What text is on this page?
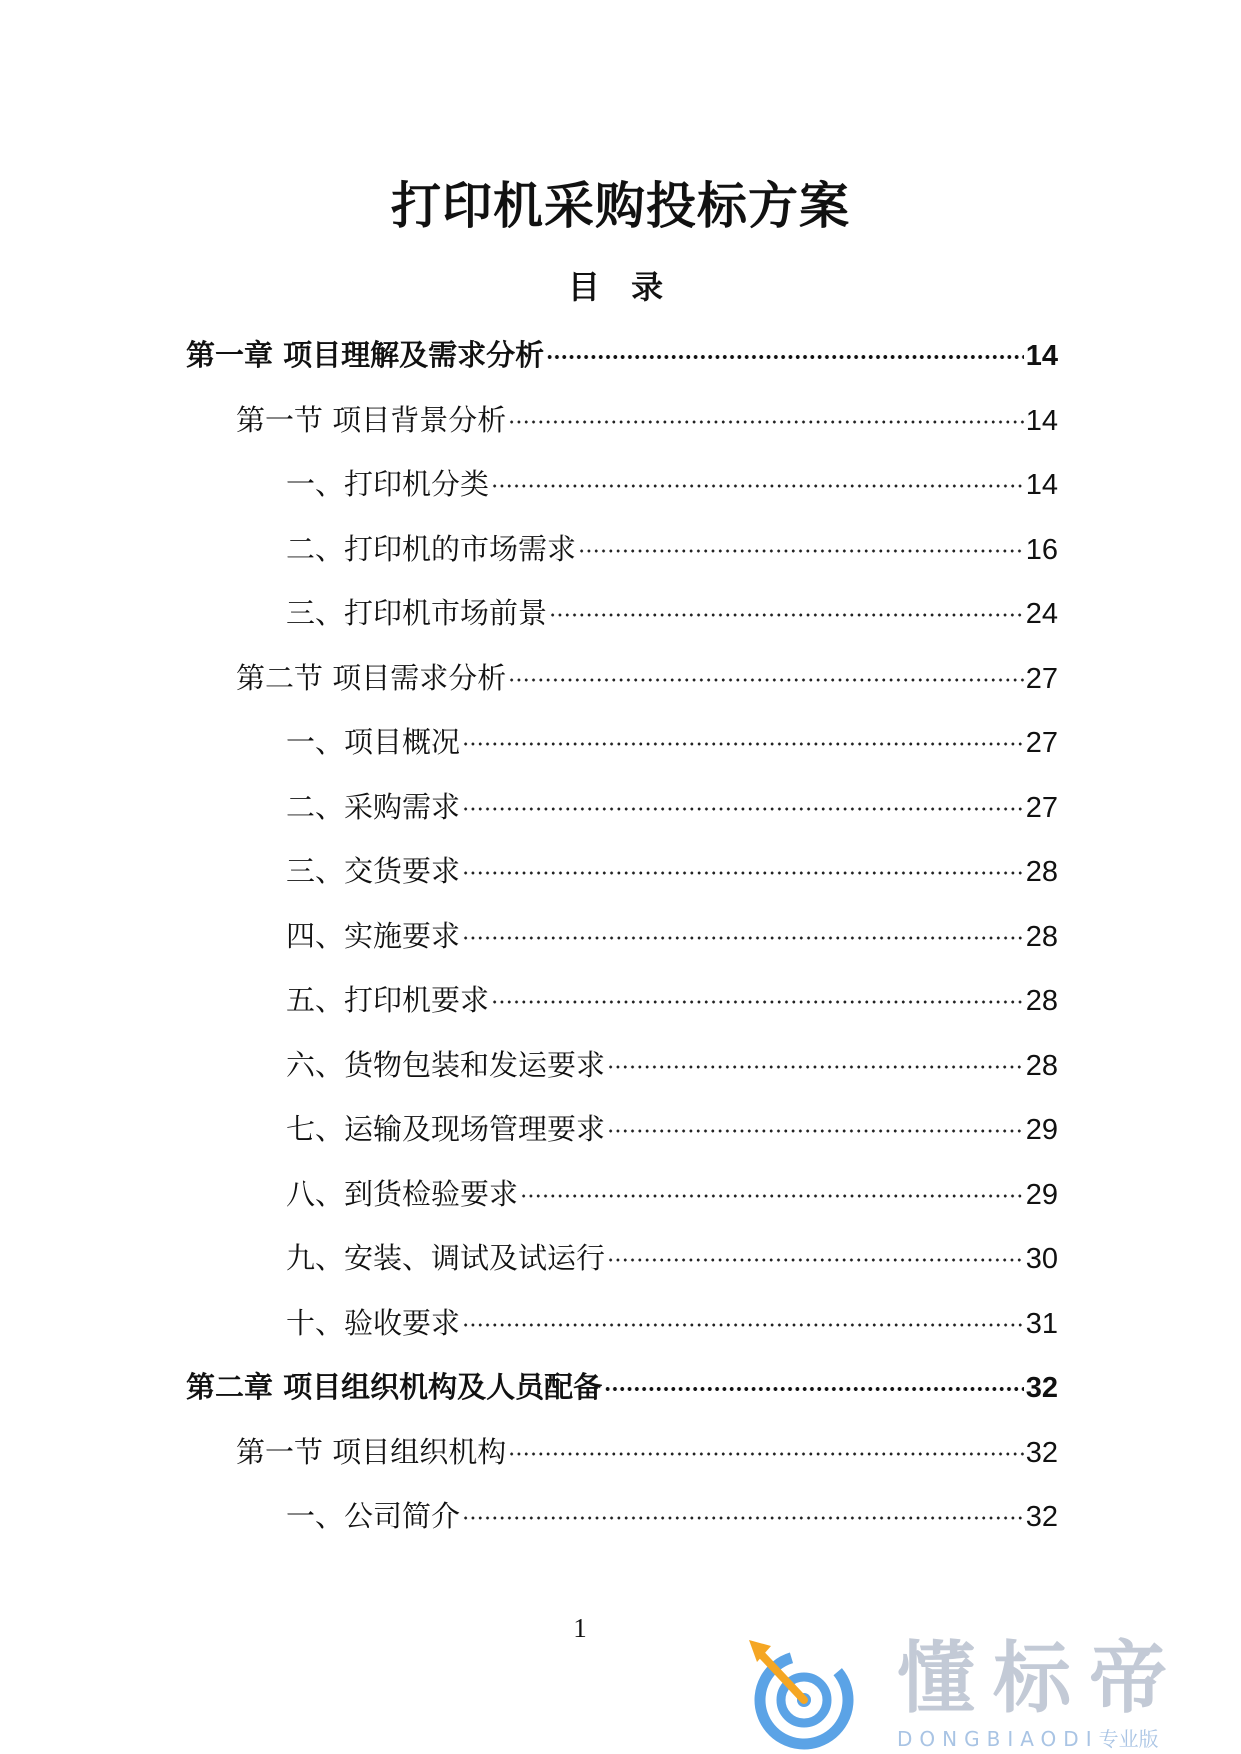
打印机采购投标方案
目 录
第一章 项目理解及需求分析	14
第一节 项目背景分析	14
一、打印机分类	14
二、打印机的市场需求	16
三、打印机市场前景	24
第二节 项目需求分析	27
一、项目概况	27
二、采购需求	27
三、交货要求	28
四、实施要求	28
五、打印机要求	28
六、货物包装和发运要求	28
七、运输及现场管理要求	29
八、到货检验要求	29
九、安装、调试及试运行	30
十、验收要求	31
第二章 项目组织机构及人员配备	32
第一节 项目组织机构	32
一、公司简介	32
1
懂标帝
DONGBIAODI专业版
